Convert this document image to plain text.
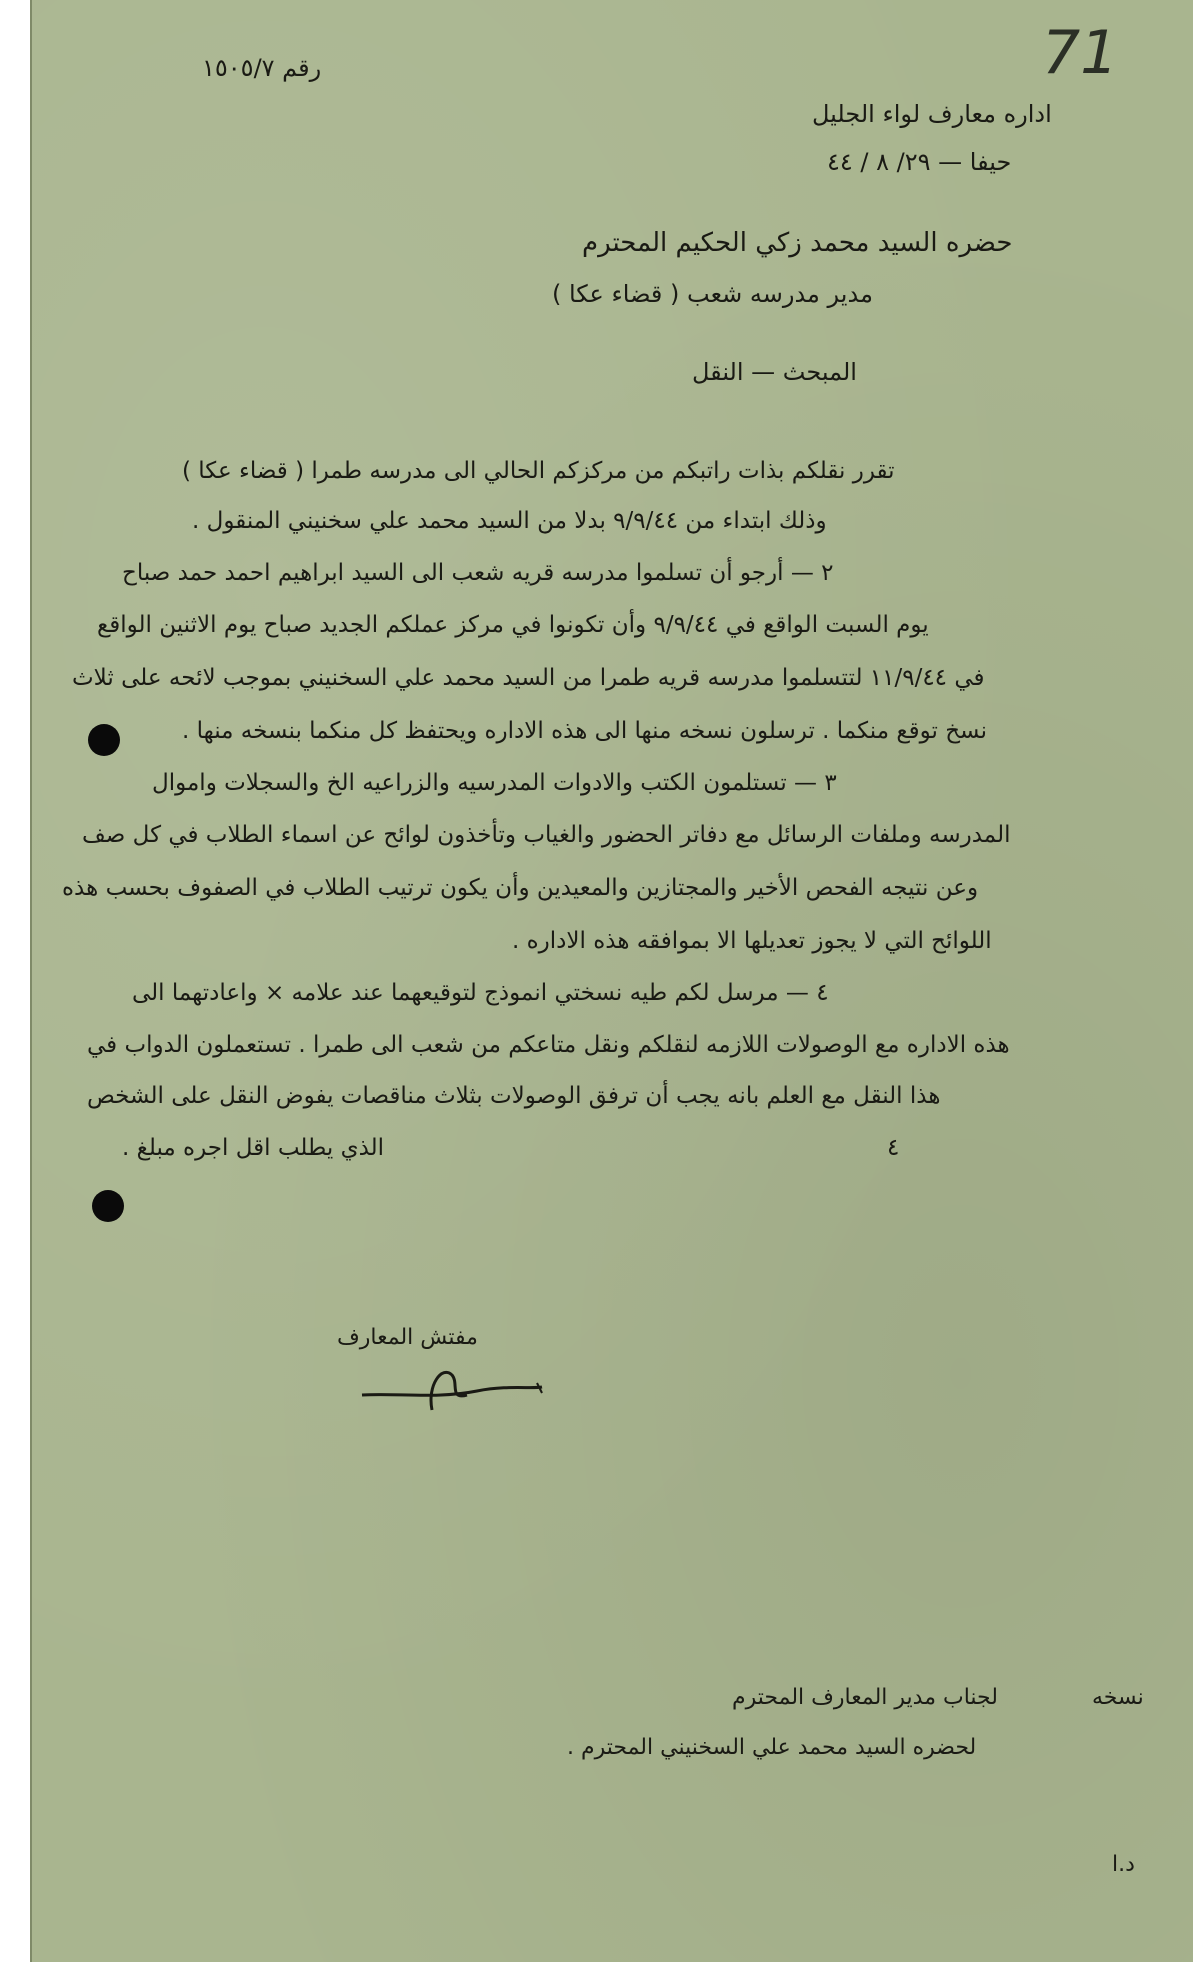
71
رقم ١٥٠٥/٧
اداره معارف لواء الجليل
حيفا — ٢٩/ ٨ / ٤٤
حضره السيد محمد زكي الحكيم المحترم
مدير مدرسه شعب ( قضاء عكا )
المبحث — النقل
تقرر نقلكم بذات راتبكم من مركزكم الحالي الى مدرسه طمرا ( قضاء عكا )
وذلك ابتداء من ٩/٩/٤٤ بدلا من السيد محمد علي سخنيني المنقول .
٢ — أرجو أن تسلموا مدرسه قريه شعب الى السيد ابراهيم احمد حمد صباح
يوم السبت الواقع في ٩/٩/٤٤ وأن تكونوا في مركز عملكم الجديد صباح يوم الاثنين الواقع
في ١١/٩/٤٤ لتتسلموا مدرسه قريه طمرا من السيد محمد علي السخنيني بموجب لائحه على ثلاث
نسخ توقع منكما . ترسلون نسخه منها الى هذه الاداره ويحتفظ كل منكما بنسخه منها .
٣ — تستلمون الكتب والادوات المدرسيه والزراعيه الخ والسجلات واموال
المدرسه وملفات الرسائل مع دفاتر الحضور والغياب وتأخذون لوائح عن اسماء الطلاب في كل صف
وعن نتيجه الفحص الأخير والمجتازين والمعيدين وأن يكون ترتيب الطلاب في الصفوف بحسب هذه
اللوائح التي لا يجوز تعديلها الا بموافقه هذه الاداره .
٤ — مرسل لكم طيه نسختي انموذج لتوقيعهما عند علامه × واعادتهما الى
هذه الاداره مع الوصولات اللازمه لنقلكم ونقل متاعكم من شعب الى طمرا . تستعملون الدواب في
هذا النقل مع العلم بانه يجب أن ترفق الوصولات بثلاث مناقصات يفوض النقل على الشخص
الذي يطلب اقل اجره مبلغ .	٤
مفتش المعارف
نسخه
لجناب مدير المعارف المحترم
لحضره السيد محمد علي السخنيني المحترم .
د.ا
